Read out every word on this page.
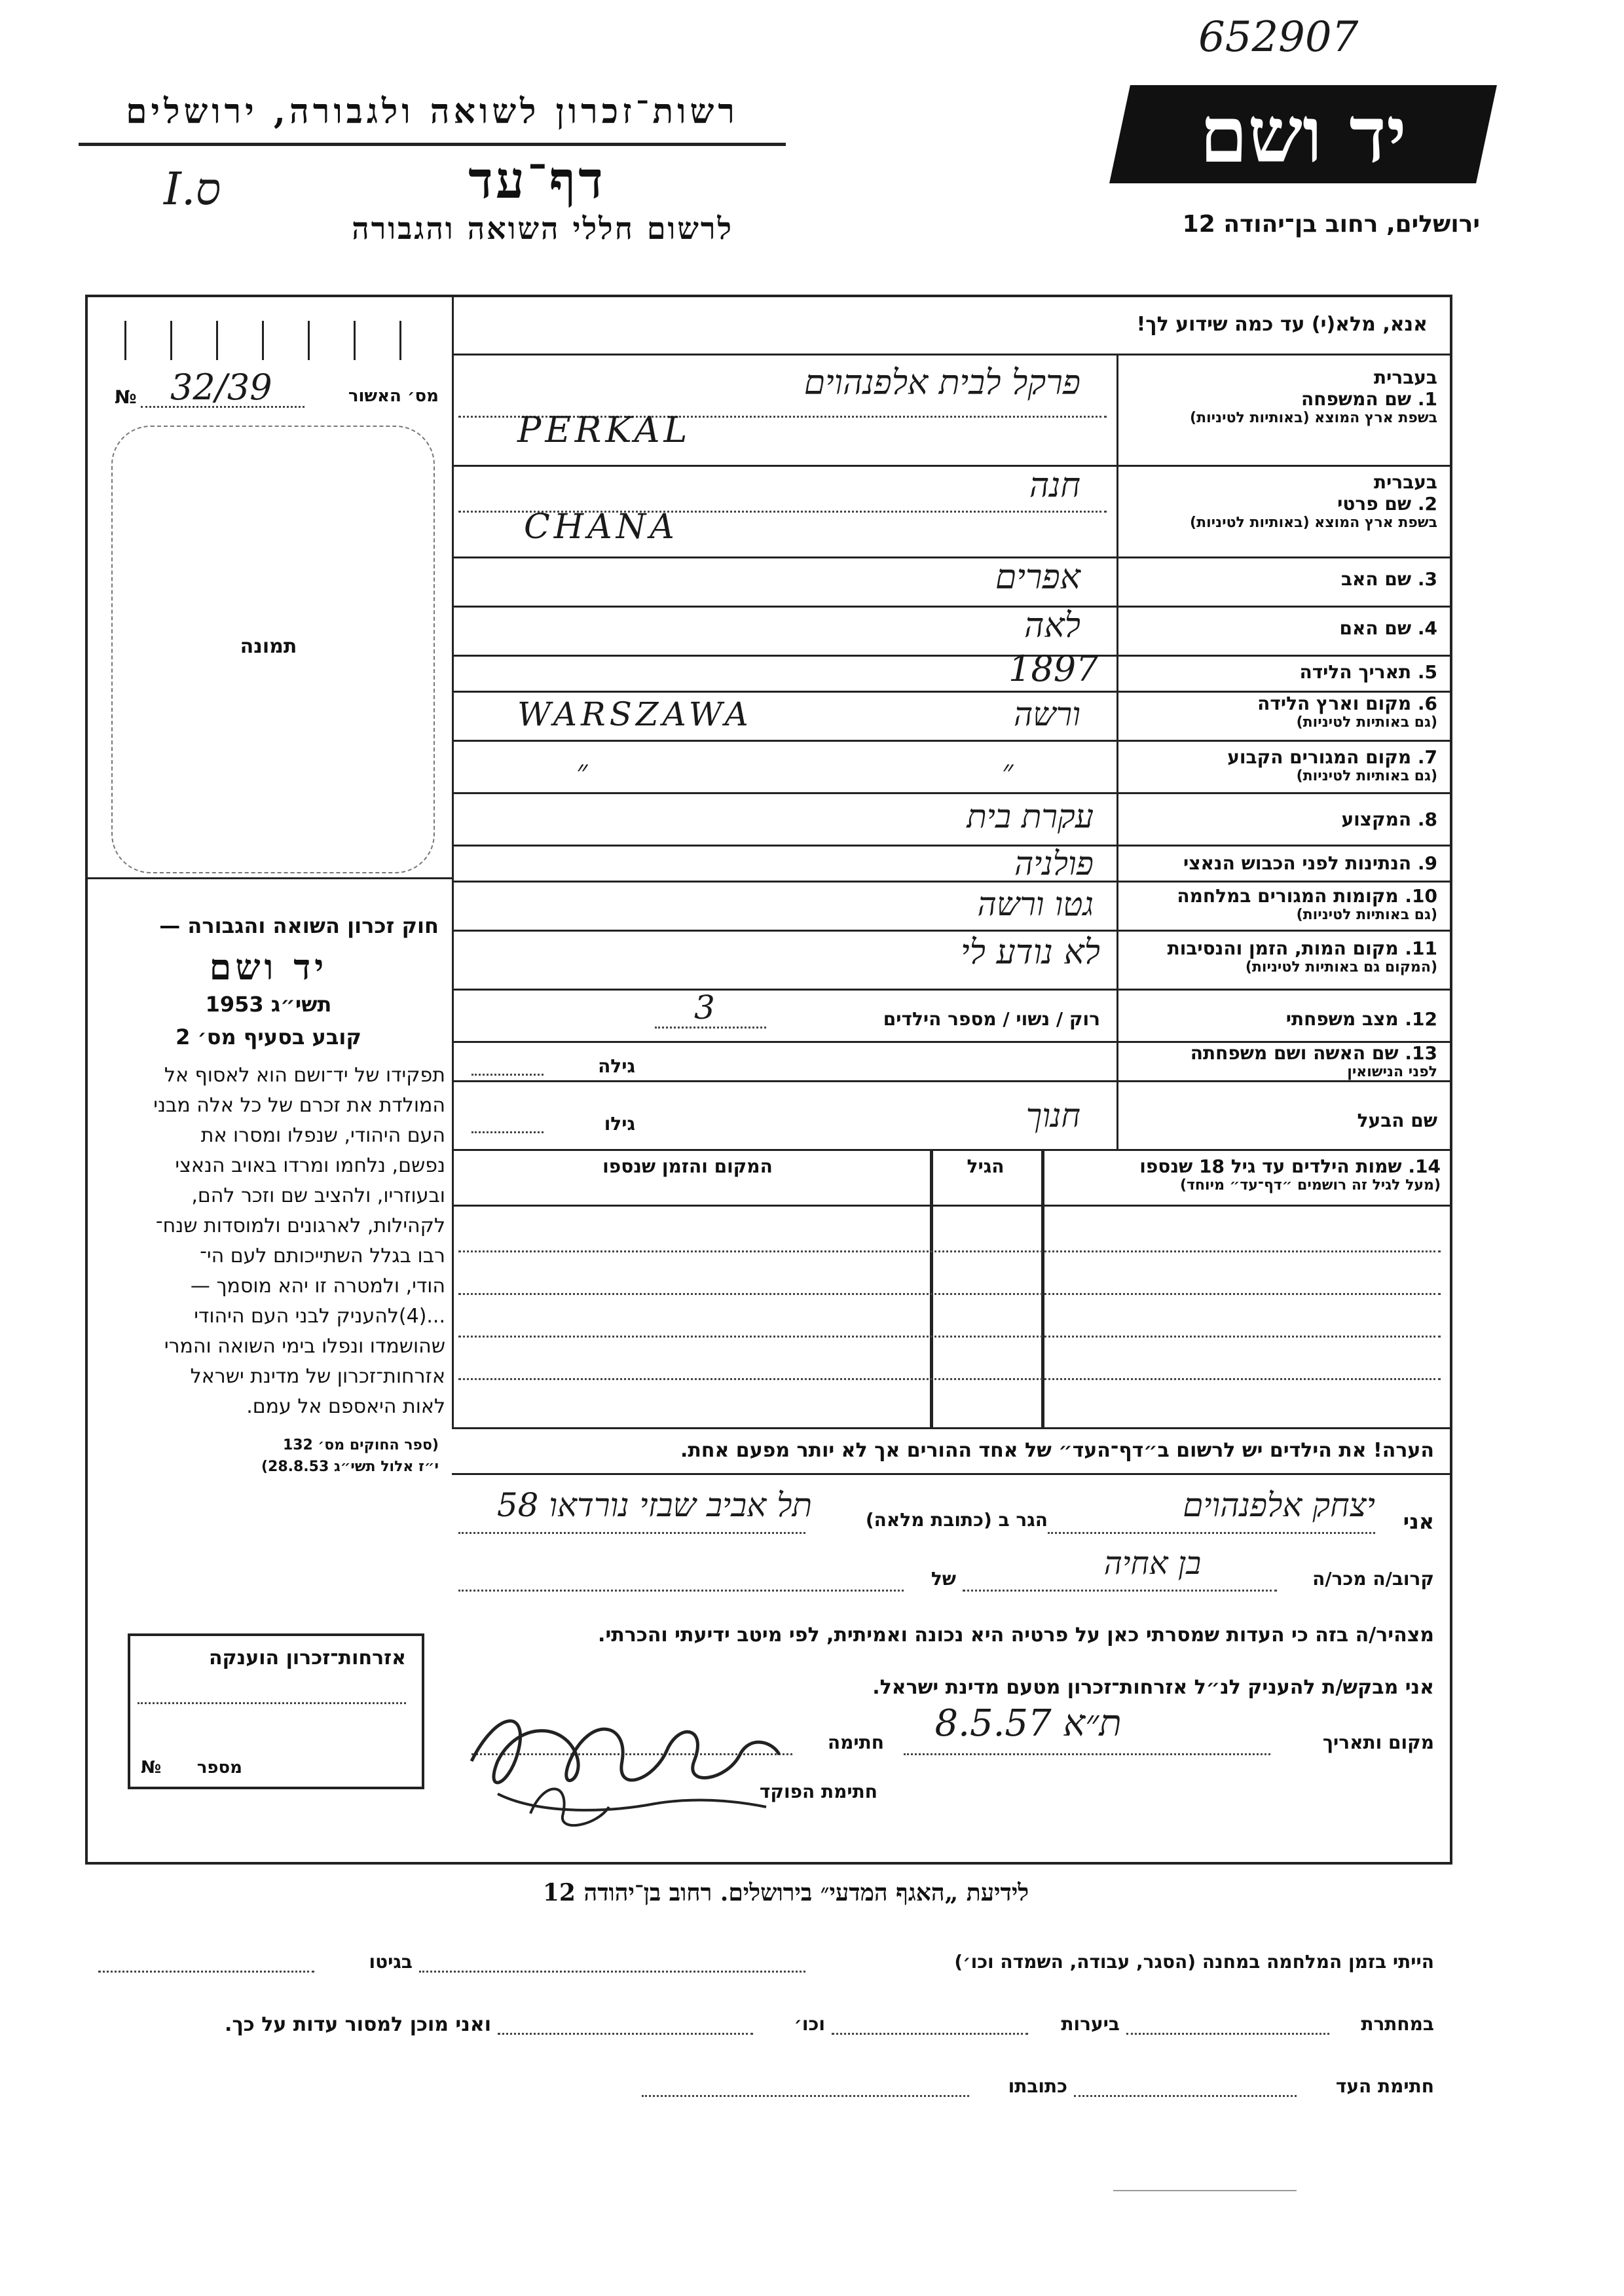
652907
רשות־זכרון לשואה ולגבורה, ירושלים	יד ושם
I.ס	דף־עד
לרשום חללי השואה והגבורה	ירושלים, רחוב בן־יהודה 12
אנא, מלא(י) עד כמה שידוע לך!
№ 32/39	מס׳ האשור
תמונה
חוק זכרון השואה והגבורה —
יד ושם
תשי״ג 1953
קובע בסעיף מס׳ 2
תפקידו של יד־ושם הוא לאסוף אל
המולדת את זכרם של כל אלה מבני
העם היהודי, שנפלו ומסרו את
נפשם, נלחמו ומרדו באויב הנאצי
ובעוזריו, ולהציב שם וזכר להם,
לקהילות, לארגונים ולמוסדות שנח־
רבו בגלל השתייכותם לעם הי־
הודי, ולמטרה זו יהא מוסמך —
...(4)להעניק לבני העם היהודי
שהושמדו ונפלו בימי השואה והמרי
אזרחות־זכרון של מדינת ישראל
לאות היאספם אל עמם.
(ספר החוקים מס׳ 132
י״ז אלול תשי״ג 28.8.53)
בעברית
1. שם המשפחה
בשפת ארץ המוצא (באותיות לטיניות)
פרקל לבית אלפנהוים
PERKAL
בעברית
2. שם פרטי
בשפת ארץ המוצא (באותיות לטיניות)
חנה
CHANA
3. שם האב
אפרים
4. שם האם
לאה
5. תאריך הלידה
1897
6. מקום וארץ הלידה
(גם באותיות לטיניות)
ורשה
WARSZAWA
7. מקום המגורים הקבוע
(גם באותיות לטיניות)
״
״
8. המקצוע
עקרת בית
9. הנתינות לפני הכבוש הנאצי
פולניה
10. מקומות המגורים במלחמה
(גם באותיות לטיניות)
גטו ורשה
11. מקום המות, הזמן והנסיבות
(המקום גם באותיות לטיניות)
לא נודע לי
12. מצב משפחתי
רוק / נשוי / מספר הילדים
3
13. שם האשה ושם משפחתה
לפני הנישואין
גילה
שם הבעל
חנוך
גילו
14. שמות הילדים עד גיל 18 שנספו
(מעל לגיל זה רושמים ״דף־עד״ מיוחד)
הגיל
המקום והזמן שנספו
הערה! את הילדים יש לרשום ב״דף־העד״ של אחד ההורים אך לא יותר מפעם אחת.
אני
יצחק אלפנהוים
הגר ב (כתובת מלאה)
תל אביב שבזי נורדאו 58
קרוב/ה מכר/ה
בן אחיה
של
מצהיר/ה בזה כי העדות שמסרתי כאן על פרטיה היא נכונה ואמיתית, לפי מיטב ידיעתי והכרתי.
אני מבקש/ת להעניק לנ״ל אזרחות־זכרון מטעם מדינת ישראל.
מקום ותאריך
ת״א 8.5.57
חתימה
חתימת הפוקד
אזרחות־זכרון הוענקה
№	מספר
לידיעת „האגף המדעי״ בירושלים. רחוב בן־יהודה 12
הייתי בזמן המלחמה במחנה (הסגר, עבודה, השמדה וכו׳)
בגיטו
במחתרת
ביערות
וכו׳
ואני מוכן למסור עדות על כך.
חתימת העד
כתובתו
